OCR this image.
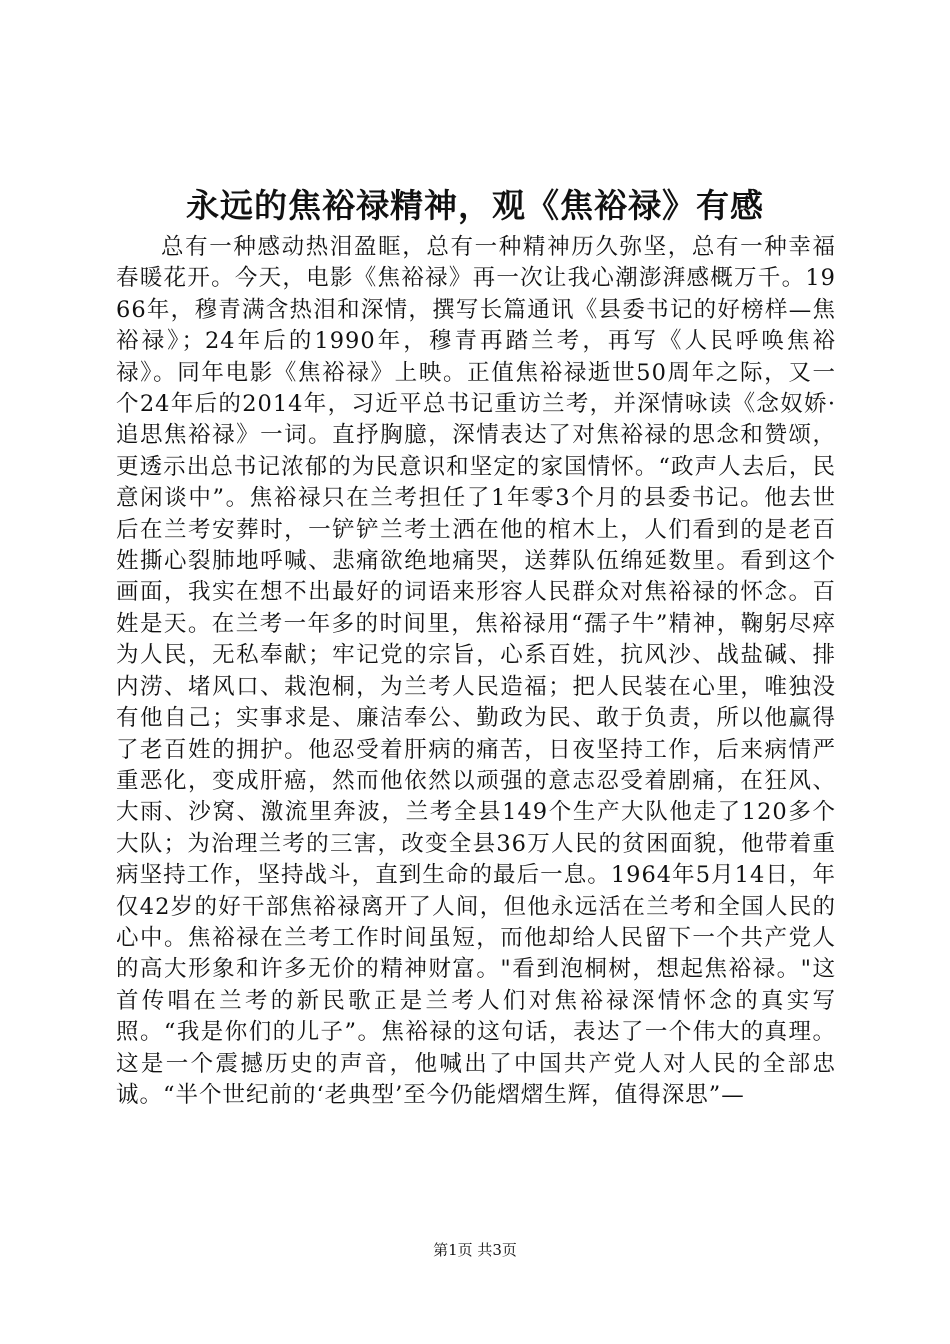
永远的焦裕禄精神，观《焦裕禄》有感

总有一种感动热泪盈眶，总有一种精神历久弥坚，总有一种幸福春暖花开。今天，电影《焦裕禄》再一次让我心潮澎湃感概万千。1966年，穆青满含热泪和深情，撰写长篇通讯《县委书记的好榜样—焦裕禄》；24年后的1990年，穆青再踏兰考，再写《人民呼唤焦裕禄》。同年电影《焦裕禄》上映。正值焦裕禄逝世50周年之际，又一个24年后的2014年，习近平总书记重访兰考，并深情咏读《念奴娇·追思焦裕禄》一词。直抒胸臆，深情表达了对焦裕禄的思念和赞颂，更透示出总书记浓郁的为民意识和坚定的家国情怀。“政声人去后，民意闲谈中”。焦裕禄只在兰考担任了1年零3个月的县委书记。他去世后在兰考安葬时，一铲铲兰考土洒在他的棺木上，人们看到的是老百姓撕心裂肺地呼喊、悲痛欲绝地痛哭，送葬队伍绵延数里。看到这个画面，我实在想不出最好的词语来形容人民群众对焦裕禄的怀念。百姓是天。在兰考一年多的时间里，焦裕禄用“孺子牛”精神，鞠躬尽瘁为人民，无私奉献；牢记党的宗旨，心系百姓，抗风沙、战盐碱、排内涝、堵风口、栽泡桐，为兰考人民造福；把人民装在心里，唯独没有他自己；实事求是、廉洁奉公、勤政为民、敢于负责，所以他赢得了老百姓的拥护。他忍受着肝病的痛苦，日夜坚持工作，后来病情严重恶化，变成肝癌，然而他依然以顽强的意志忍受着剧痛，在狂风、大雨、沙窝、激流里奔波，兰考全县149个生产大队他走了120多个大队；为治理兰考的三害，改变全县36万人民的贫困面貌，他带着重病坚持工作，坚持战斗，直到生命的最后一息。1964年5月14日，年仅42岁的好干部焦裕禄离开了人间，但他永远活在兰考和全国人民的心中。焦裕禄在兰考工作时间虽短，而他却给人民留下一个共产党人的高大形象和许多无价的精神财富。"看到泡桐树，想起焦裕禄。"这首传唱在兰考的新民歌正是兰考人们对焦裕禄深情怀念的真实写照。“我是你们的儿子”。焦裕禄的这句话，表达了一个伟大的真理。这是一个震撼历史的声音，他喊出了中国共产党人对人民的全部忠诚。“半个世纪前的‘老典型’至今仍能熠熠生辉，值得深思”—

第1页 共3页
